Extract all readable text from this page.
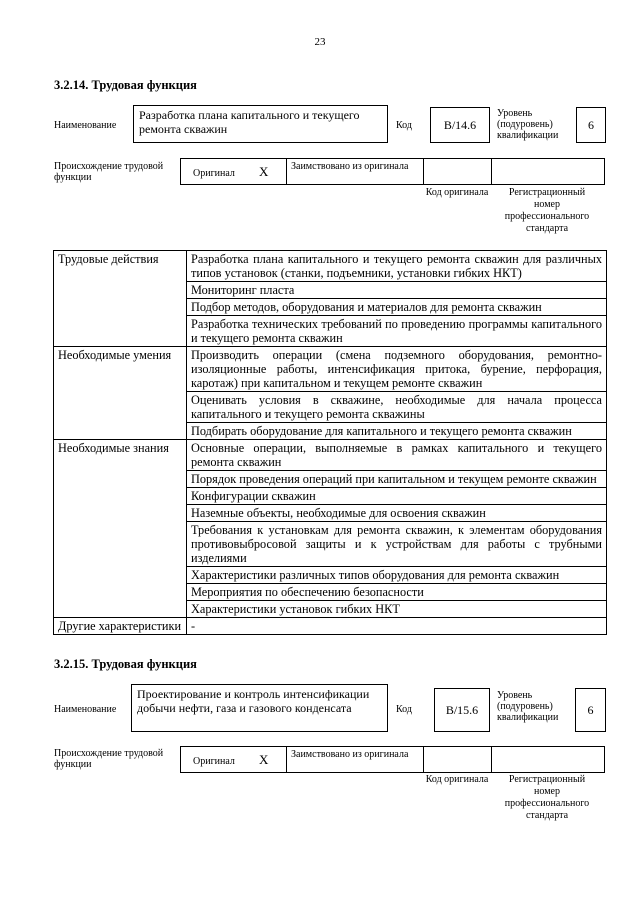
23
3.2.14. Трудовая функция
Наименование
Разработка плана капитального и текущего ремонта скважин	Код	В/14.6
Уровень (подуровень) квалификации
6
Происхождение трудовой функции	Оригинал X Заимствовано из оригинала
Код оригинала	Регистрационный номер профессионального стандарта
Трудовые действия	Разработка плана капитального и текущего ремонта скважин для различных типов установок (станки, подъемники, установки гибких НКТ)
	Мониторинг пласта
	Подбор методов, оборудования и материалов для ремонта скважин
	Разработка технических требований по проведению программы капитального и текущего ремонта скважин
Необходимые умения	Производить операции (смена подземного оборудования, ремонтно-изоляционные работы, интенсификация притока, бурение, перфорация, каротаж) при капитальном и текущем ремонте скважин
	Оценивать условия в скважине, необходимые для начала процесса капитального и текущего ремонта скважины
	Подбирать оборудование для капитального и текущего ремонта скважин
Необходимые знания	Основные операции, выполняемые в рамках капитального и текущего ремонта скважин
	Порядок проведения операций при капитальном и текущем ремонте скважин
	Конфигурации скважин
	Наземные объекты, необходимые для освоения скважин
	Требования к установкам для ремонта скважин, к элементам оборудования противовыбросовой защиты и к устройствам для работы с трубными изделиями
	Характеристики различных типов оборудования для ремонта скважин
	Мероприятия по обеспечению безопасности
	Характеристики установок гибких НКТ
Другие характеристики	-
3.2.15. Трудовая функция
Наименование
Проектирование и контроль интенсификации добычи нефти, газа и газового конденсата	Код	В/15.6
Уровень (подуровень) квалификации
6
Происхождение трудовой функции	Оригинал X Заимствовано из оригинала
Код оригинала	Регистрационный номер профессионального стандарта
